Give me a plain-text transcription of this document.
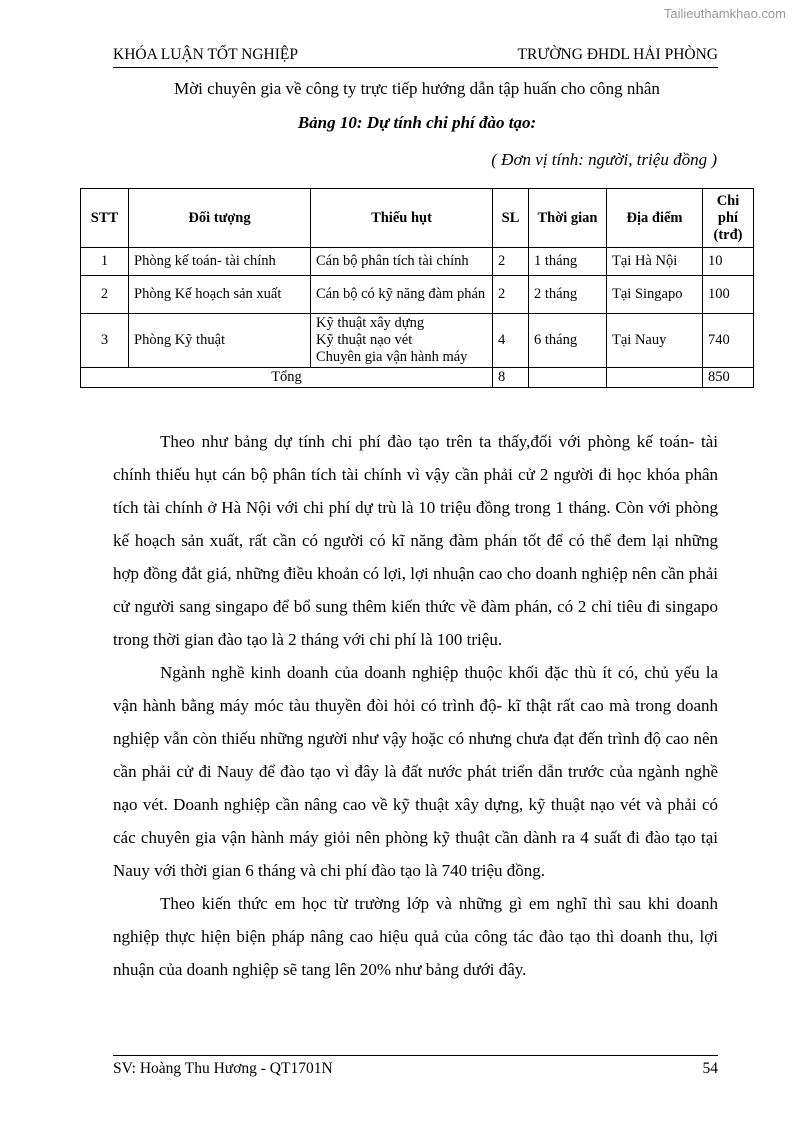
Tailieuthamkhao.com
KHÓA LUẬN TỐT NGHIỆP	TRƯỜNG ĐHDL HẢI PHÒNG
Mời chuyên gia về công ty trực tiếp hướng dẫn tập huấn cho công nhân
Bảng 10: Dự tính chi phí đào tạo:
( Đơn vị tính: người, triệu đồng )
STT	Đối tượng	Thiếu hụt	SL	Thời gian	Địa điểm	Chi phí (trđ)
1	Phòng kế toán- tài chính	Cán bộ phân tích tài chính	2	1 tháng	Tại Hà Nội	10
2	Phòng Kế hoạch sản xuất	Cán bộ có kỹ năng đàm phán	2	2 tháng	Tại Singapo	100
3	Phòng Kỹ thuật	Kỹ thuật xây dựng
Kỹ thuật nạo vét
Chuyên gia vận hành máy	4	6 tháng	Tại Nauy	740
Tổng			8			850

Theo như bảng dự tính chi phí đào tạo trên ta thấy,đối với phòng kế toán- tài chính thiếu hụt cán bộ phân tích tài chính vì vậy cần phải cử 2 người đi học khóa phân tích tài chính ở Hà Nội với chi phí dự trù là 10 triệu đồng trong 1 tháng. Còn với phòng kế hoạch sản xuất, rất cần có người có kĩ năng đàm phán tốt để có thể đem lại những hợp đồng đắt giá, những điều khoản có lợi, lợi nhuận cao cho doanh nghiệp nên cần phải cử người sang singapo để bổ sung thêm kiến thức về đàm phán, có 2 chỉ tiêu đi singapo trong thời gian đào tạo là 2 tháng với chi phí là 100 triệu.

Ngành nghề kinh doanh của doanh nghiệp thuộc khối đặc thù ít có, chủ yếu la vận hành bằng máy móc tàu thuyền đòi hỏi có trình độ- kĩ thật rất cao mà trong doanh nghiệp vẫn còn thiếu những người như vậy hoặc có nhưng chưa đạt đến trình độ cao nên cần phải cử đi Nauy để đào tạo vì đây là đất nước phát triển dẫn trước của ngành nghề nạo vét. Doanh nghiệp cần nâng cao về kỹ thuật xây dựng, kỹ thuật nạo vét và phải có các chuyên gia vận hành máy giỏi nên phòng kỹ thuật cần dành ra 4 suất đi đào tạo tại Nauy với thời gian 6 tháng và chi phí đào tạo là 740 triệu đồng.

Theo kiến thức em học từ trường lớp và những gì em nghĩ thì sau khi doanh nghiệp thực hiện biện pháp nâng cao hiệu quả của công tác đào tạo thì doanh thu, lợi nhuận của doanh nghiệp sẽ tang lên 20% như bảng dưới đây.

SV: Hoàng Thu Hương - QT1701N	54
